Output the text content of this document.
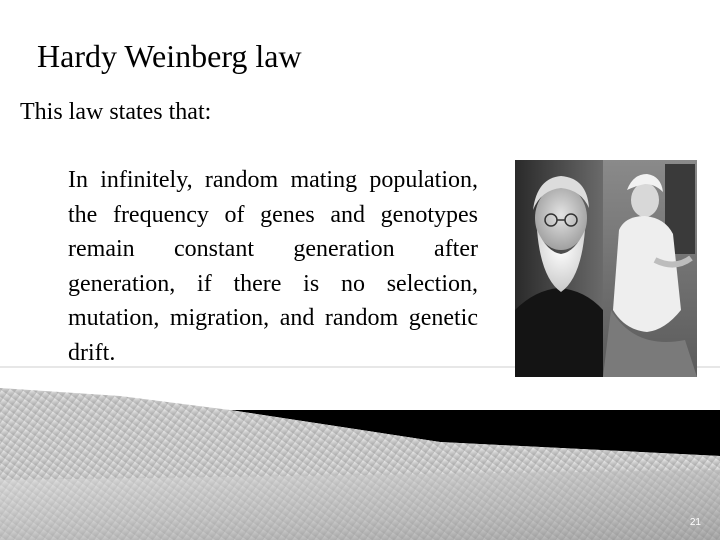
Hardy Weinberg law
This law states that:

In infinitely, random mating population, the frequency of genes and genotypes remain constant generation after generation, if there is no selection, mutation, migration, and random genetic drift.

21
